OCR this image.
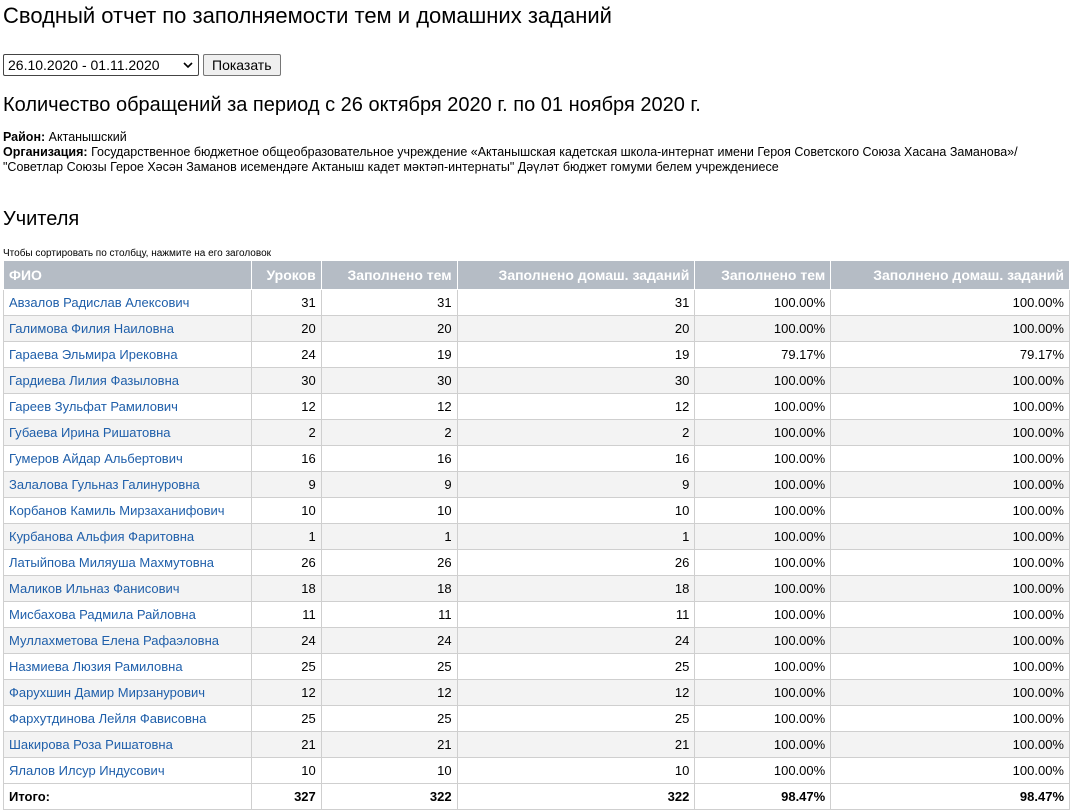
Сводный отчет по заполняемости тем и домашних заданий
26.10.2020 - 01.11.2020	Показать
Количество обращений за период с 26 октября 2020 г. по 01 ноября 2020 г.
Район: Актанышский
Организация: Государственное бюджетное общеобразовательное учреждение «Актанышская кадетская школа-интернат имени Героя Советского Союза Хасана Заманова»/ "Советлар Союзы Герое Хәсән Заманов исемендәге Актаныш кадет мәктәп-интернаты" Дәүләт бюджет гомуми белем учреждениесе
Учителя
Чтобы сортировать по столбцу, нажмите на его заголовок
ФИО	Уроков	Заполнено тем	Заполнено домаш. заданий	Заполнено тем	Заполнено домаш. заданий
Авзалов Радислав Алексович	31	31	31	100.00%	100.00%
Галимова Филия Наиловна	20	20	20	100.00%	100.00%
Гараева Эльмира Ирековна	24	19	19	79.17%	79.17%
Гардиева Лилия Фазыловна	30	30	30	100.00%	100.00%
Гареев Зульфат Рамилович	12	12	12	100.00%	100.00%
Губаева Ирина Ришатовна	2	2	2	100.00%	100.00%
Гумеров Айдар Альбертович	16	16	16	100.00%	100.00%
Залалова Гульназ Галинуровна	9	9	9	100.00%	100.00%
Корбанов Камиль Мирзаханифович	10	10	10	100.00%	100.00%
Курбанова Альфия Фаритовна	1	1	1	100.00%	100.00%
Латыйпова Миляуша Махмутовна	26	26	26	100.00%	100.00%
Маликов Ильназ Фанисович	18	18	18	100.00%	100.00%
Мисбахова Радмила Райловна	11	11	11	100.00%	100.00%
Муллахметова Елена Рафаэловна	24	24	24	100.00%	100.00%
Назмиева Люзия Рамиловна	25	25	25	100.00%	100.00%
Фарухшин Дамир Мирзанурович	12	12	12	100.00%	100.00%
Фархутдинова Лейля Фависовна	25	25	25	100.00%	100.00%
Шакирова Роза Ришатовна	21	21	21	100.00%	100.00%
Ялалов Илсур Индусович	10	10	10	100.00%	100.00%
Итого:	327	322	322	98.47%	98.47%
